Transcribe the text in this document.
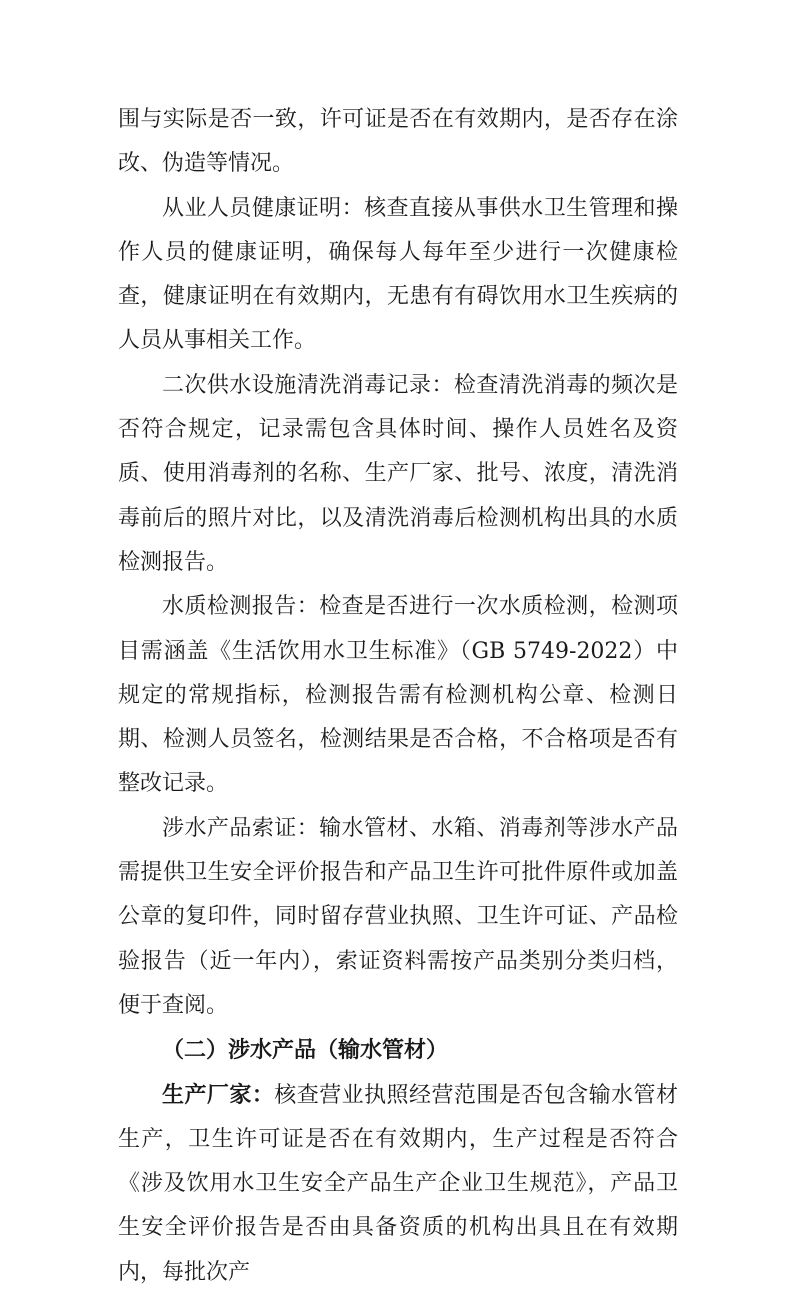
围与实际是否一致，许可证是否在有效期内，是否存在涂改、伪造等情况。

从业人员健康证明：核查直接从事供水卫生管理和操作人员的健康证明，确保每人每年至少进行一次健康检查，健康证明在有效期内，无患有有碍饮用水卫生疾病的人员从事相关工作。

二次供水设施清洗消毒记录：检查清洗消毒的频次是否符合规定，记录需包含具体时间、操作人员姓名及资质、使用消毒剂的名称、生产厂家、批号、浓度，清洗消毒前后的照片对比，以及清洗消毒后检测机构出具的水质检测报告。

水质检测报告：检查是否进行一次水质检测，检测项目需涵盖《生活饮用水卫生标准》（GB 5749-2022）中规定的常规指标，检测报告需有检测机构公章、检测日期、检测人员签名，检测结果是否合格，不合格项是否有整改记录。

涉水产品索证：输水管材、水箱、消毒剂等涉水产品需提供卫生安全评价报告和产品卫生许可批件原件或加盖公章的复印件，同时留存营业执照、卫生许可证、产品检验报告（近一年内），索证资料需按产品类别分类归档，便于查阅。

（二）涉水产品（输水管材）

生产厂家：核查营业执照经营范围是否包含输水管材生产，卫生许可证是否在有效期内，生产过程是否符合《涉及饮用水卫生安全产品生产企业卫生规范》，产品卫生安全评价报告是否由具备资质的机构出具且在有效期内，每批次产
